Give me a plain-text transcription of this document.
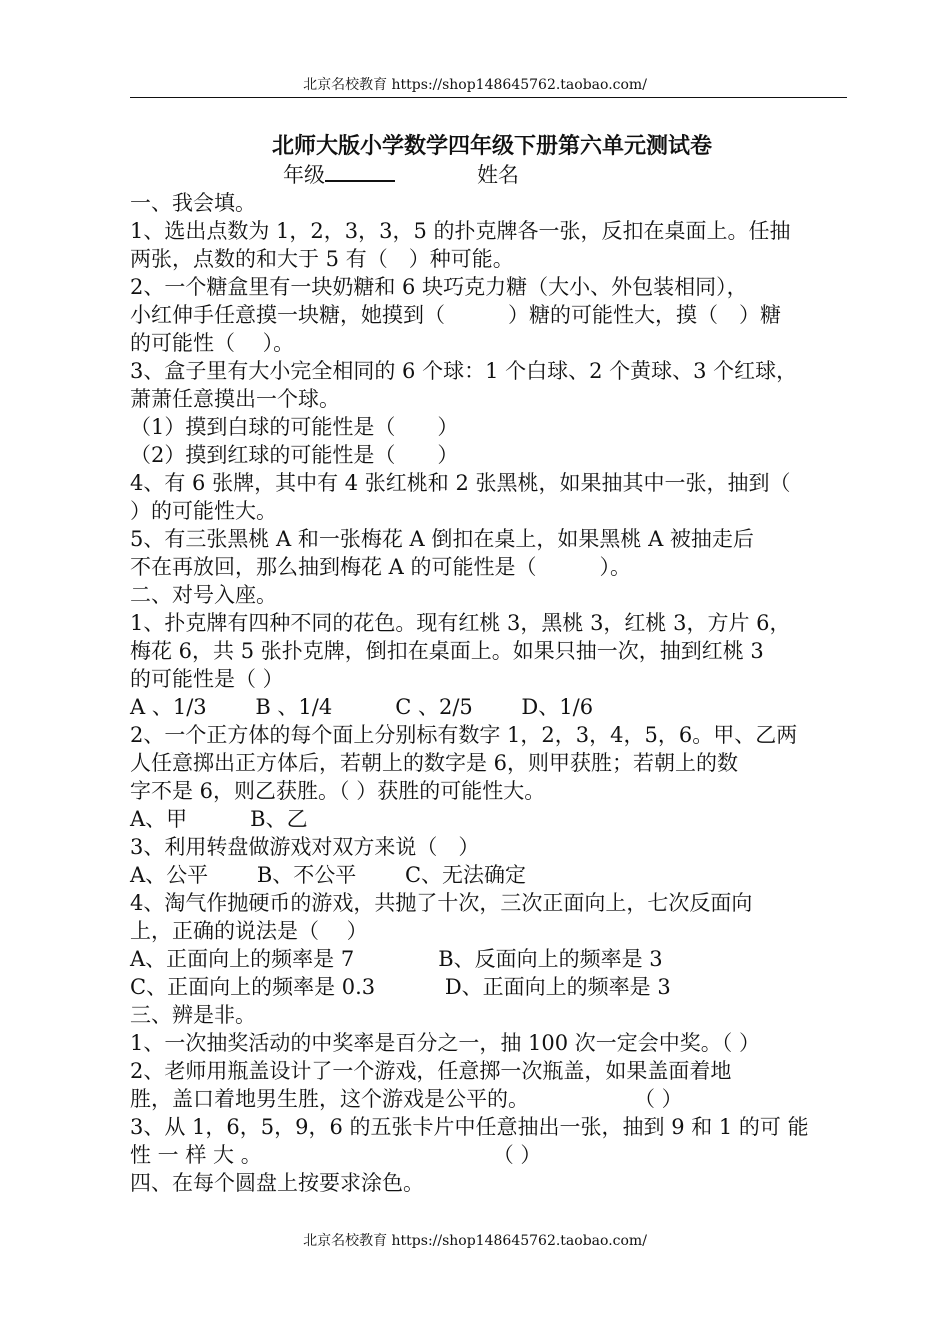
北京名校教育 https://shop148645762.taobao.com/
北师大版小学数学四年级下册第六单元测试卷
年级	姓名
一、我会填。
1、选出点数为 1，2，3，3，5 的扑克牌各一张，反扣在桌面上。任抽
两张，点数的和大于 5 有（　）种可能。
2、一个糖盒里有一块奶糖和 6 块巧克力糖（大小、外包装相同），
小红伸手任意摸一块糖，她摸到（　　　）糖的可能性大，摸（　）糖
的可能性（　 ）。
3、盒子里有大小完全相同的 6 个球：1 个白球、2 个黄球、3 个红球，
萧萧任意摸出一个球。
（1）摸到白球的可能性是（　　）
（2）摸到红球的可能性是（　　）
4、有 6 张牌，其中有 4 张红桃和 2 张黑桃，如果抽其中一张，抽到（
）的可能性大。
5、有三张黑桃 A 和一张梅花 A 倒扣在桌上，如果黑桃 A 被抽走后
不在再放回，那么抽到梅花 A 的可能性是（　　　）。
二、对号入座。
1、扑克牌有四种不同的花色。现有红桃 3，黑桃 3，红桃 3，方片 6，
梅花 6，共 5 张扑克牌，倒扣在桌面上。如果只抽一次，抽到红桃 3
的可能性是（ ）
A 、1/3　　 B 、1/4　　　C 、2/5　　 D、1/6
2、一个正方体的每个面上分别标有数字 1，2，3，4，5，6。甲、乙两
人任意掷出正方体后，若朝上的数字是 6，则甲获胜；若朝上的数
字不是 6，则乙获胜。（ ）获胜的可能性大。
A、甲　　　B、乙
3、利用转盘做游戏对双方来说（　）
A、公平　　 B、不公平　　 C、无法确定
4、淘气作抛硬币的游戏，共抛了十次，三次正面向上，七次反面向
上，正确的说法是（　 ）
A、正面向上的频率是 7　　　　B、反面向上的频率是 3
C、正面向上的频率是 0.3　　　 D、正面向上的频率是 3
三、辨是非。
1、一次抽奖活动的中奖率是百分之一，抽 100 次一定会中奖。（ ）
2、老师用瓶盖设计了一个游戏，任意掷一次瓶盖，如果盖面着地
胜，盖口着地男生胜，这个游戏是公平的。　　　　　　（ ）
3、从 1，6，5，9，6 的五张卡片中任意抽出一张，抽到 9 和 1 的可 能
性 一 样 大 。　　　　　　　　　　　　（ ）
四、在每个圆盘上按要求涂色。
北京名校教育 https://shop148645762.taobao.com/
